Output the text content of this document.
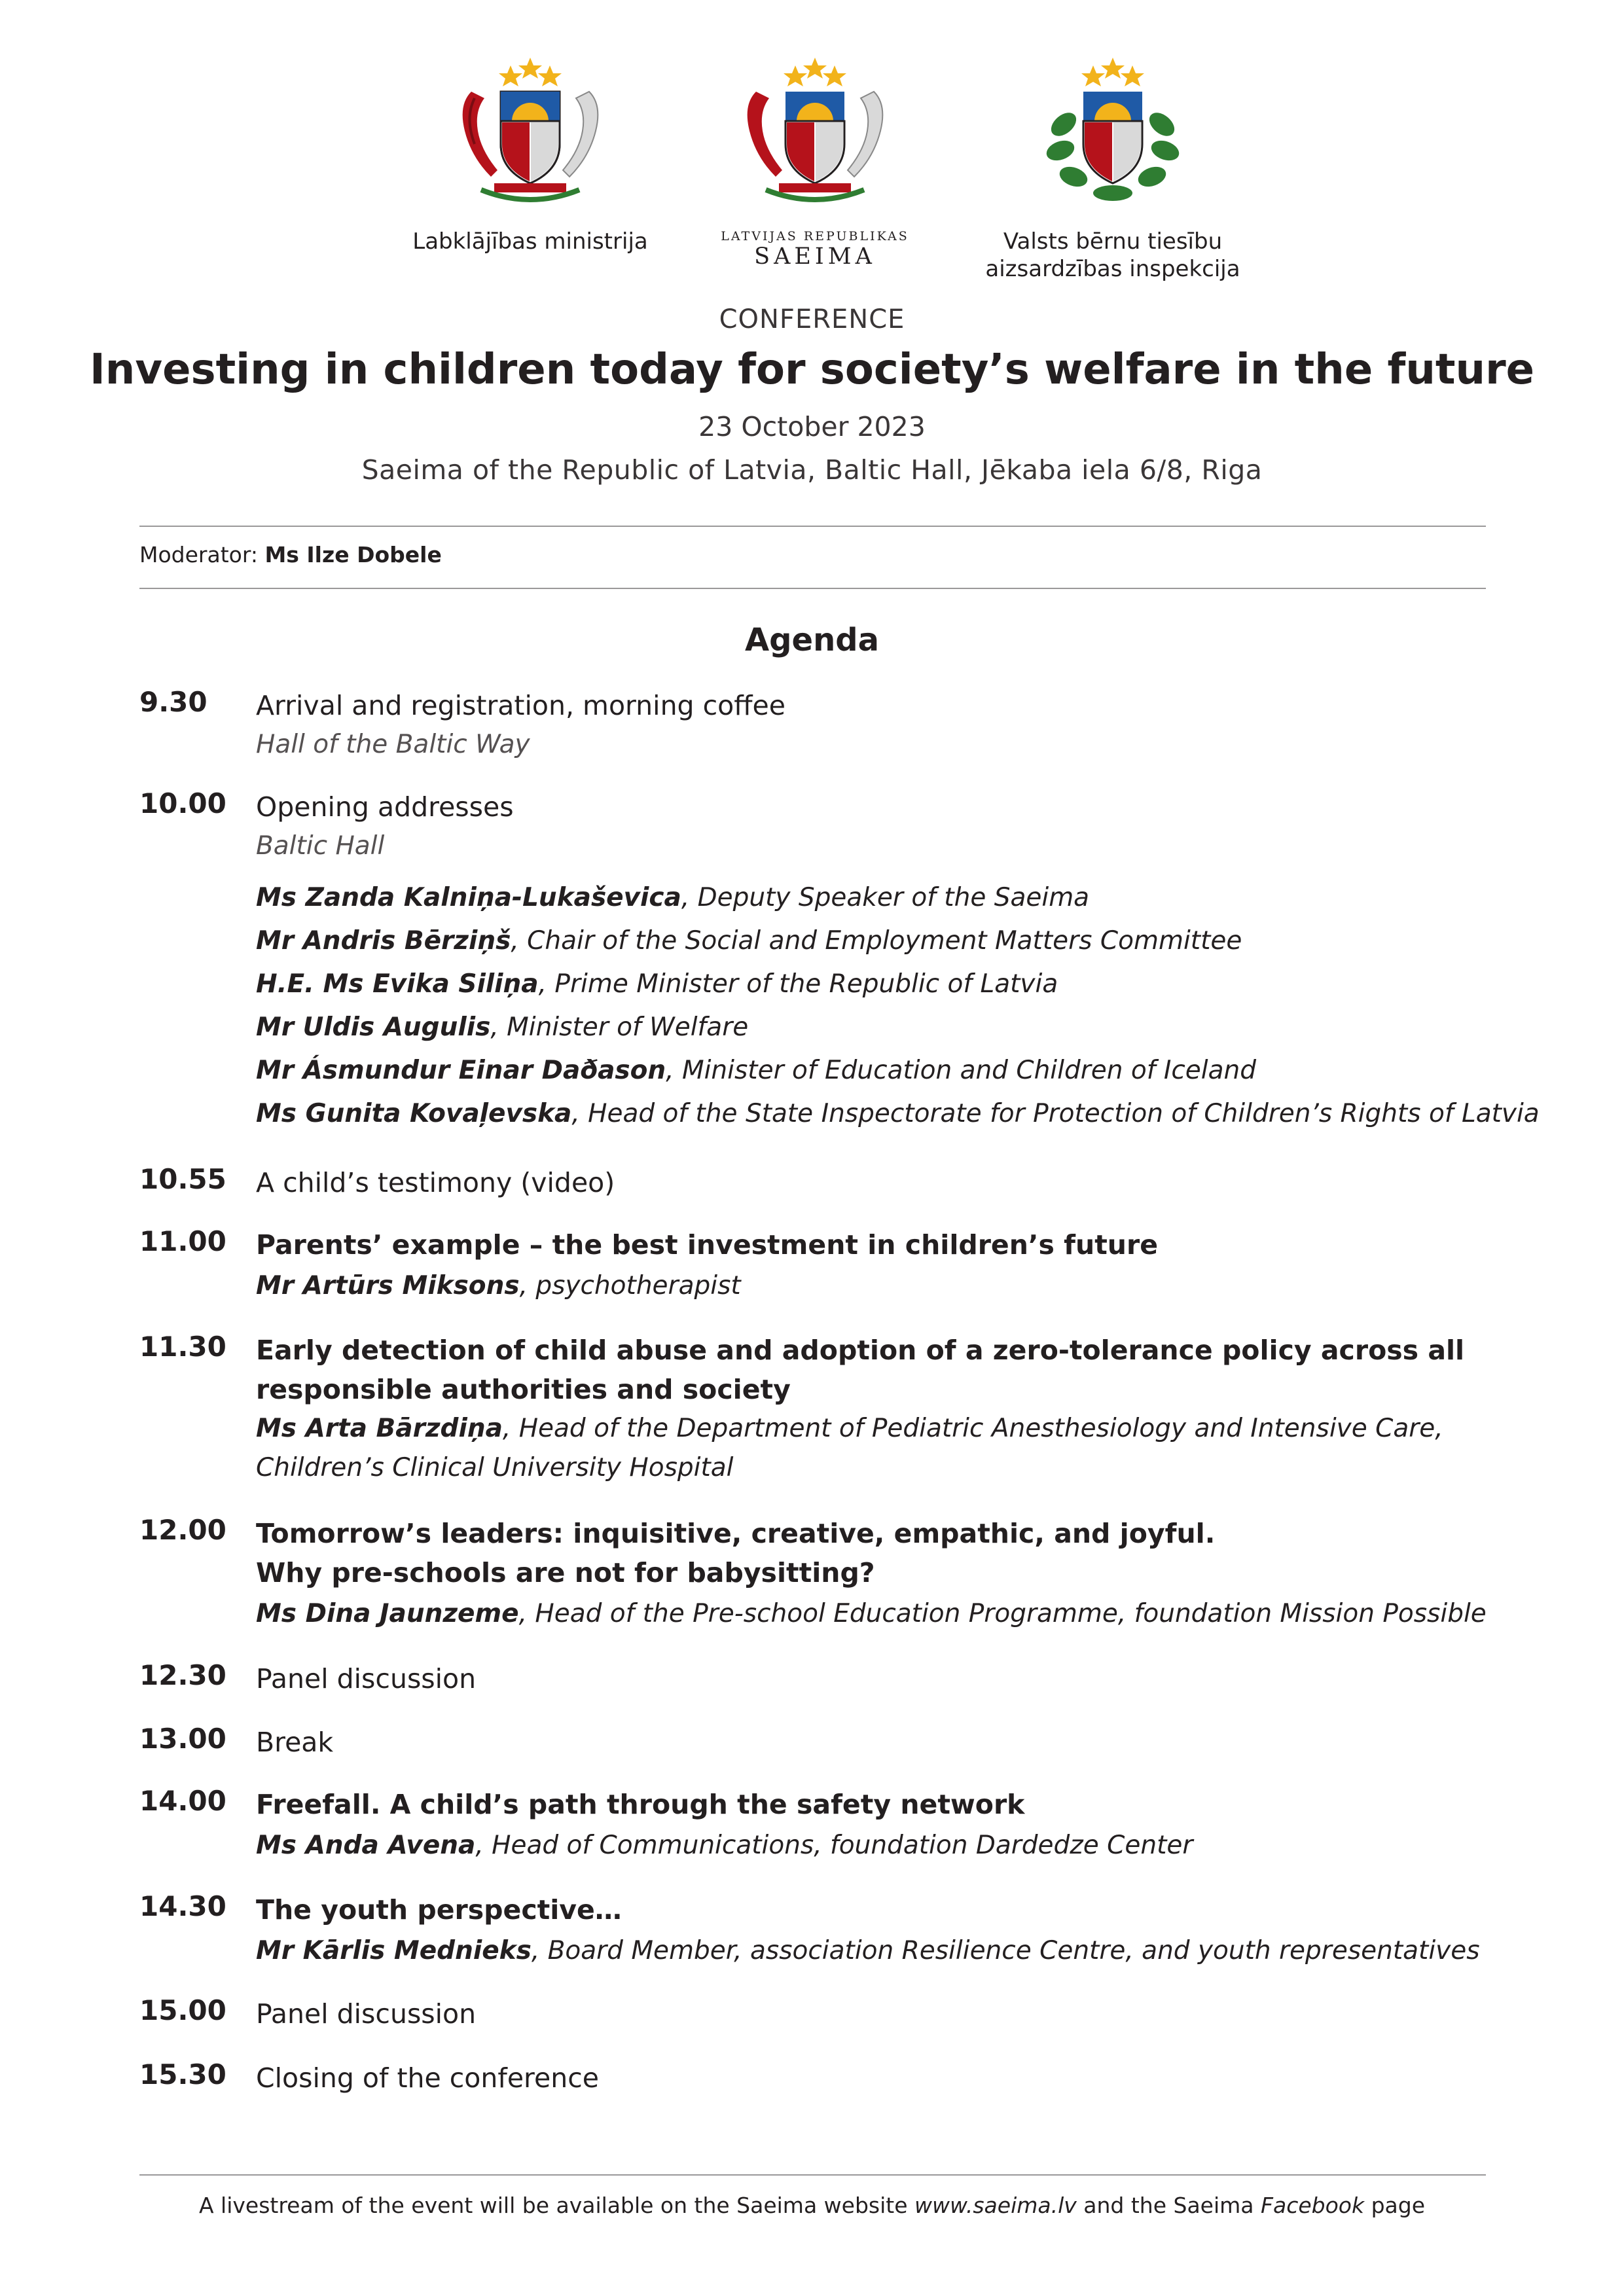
Labklājības ministrija	LATVIJAS REPUBLIKAS
SAEIMA
Valsts bērnu tiesību
aizsardzības inspekcija
CONFERENCE
Investing in children today for society’s welfare in the future
23 October 2023
Saeima of the Republic of Latvia, Baltic Hall, Jēkaba iela 6/8, Riga
Moderator: Ms Ilze Dobele
Agenda
9.30 Arrival and registration, morning coffee
Hall of the Baltic Way
10.00 Opening addresses
Baltic Hall
Ms Zanda Kalniņa-Lukaševica, Deputy Speaker of the Saeima
Mr Andris Bērziņš, Chair of the Social and Employment Matters Committee
H.E. Ms Evika Siliņa, Prime Minister of the Republic of Latvia
Mr Uldis Augulis, Minister of Welfare
Mr Ásmundur Einar Daðason, Minister of Education and Children of Iceland
Ms Gunita Kovaļevska, Head of the State Inspectorate for Protection of Children’s Rights of Latvia
10.55 A child’s testimony (video)
11.00 Parents’ example – the best investment in children’s future
Mr Artūrs Miksons, psychotherapist
11.30 Early detection of child abuse and adoption of a zero-tolerance policy across all
responsible authorities and society
Ms Arta Bārzdiņa, Head of the Department of Pediatric Anesthesiology and Intensive Care,
Children’s Clinical University Hospital
12.00 Tomorrow’s leaders: inquisitive, creative, empathic, and joyful.
Why pre-schools are not for babysitting?
Ms Dina Jaunzeme, Head of the Pre-school Education Programme, foundation Mission Possible
12.30 Panel discussion
13.00 Break
14.00 Freefall. A child’s path through the safety network
Ms Anda Avena, Head of Communications, foundation Dardedze Center
14.30 The youth perspective…
Mr Kārlis Mednieks, Board Member, association Resilience Centre, and youth representatives
15.00 Panel discussion
15.30 Closing of the conference
A livestream of the event will be available on the Saeima website www.saeima.lv and the Saeima Facebook page
